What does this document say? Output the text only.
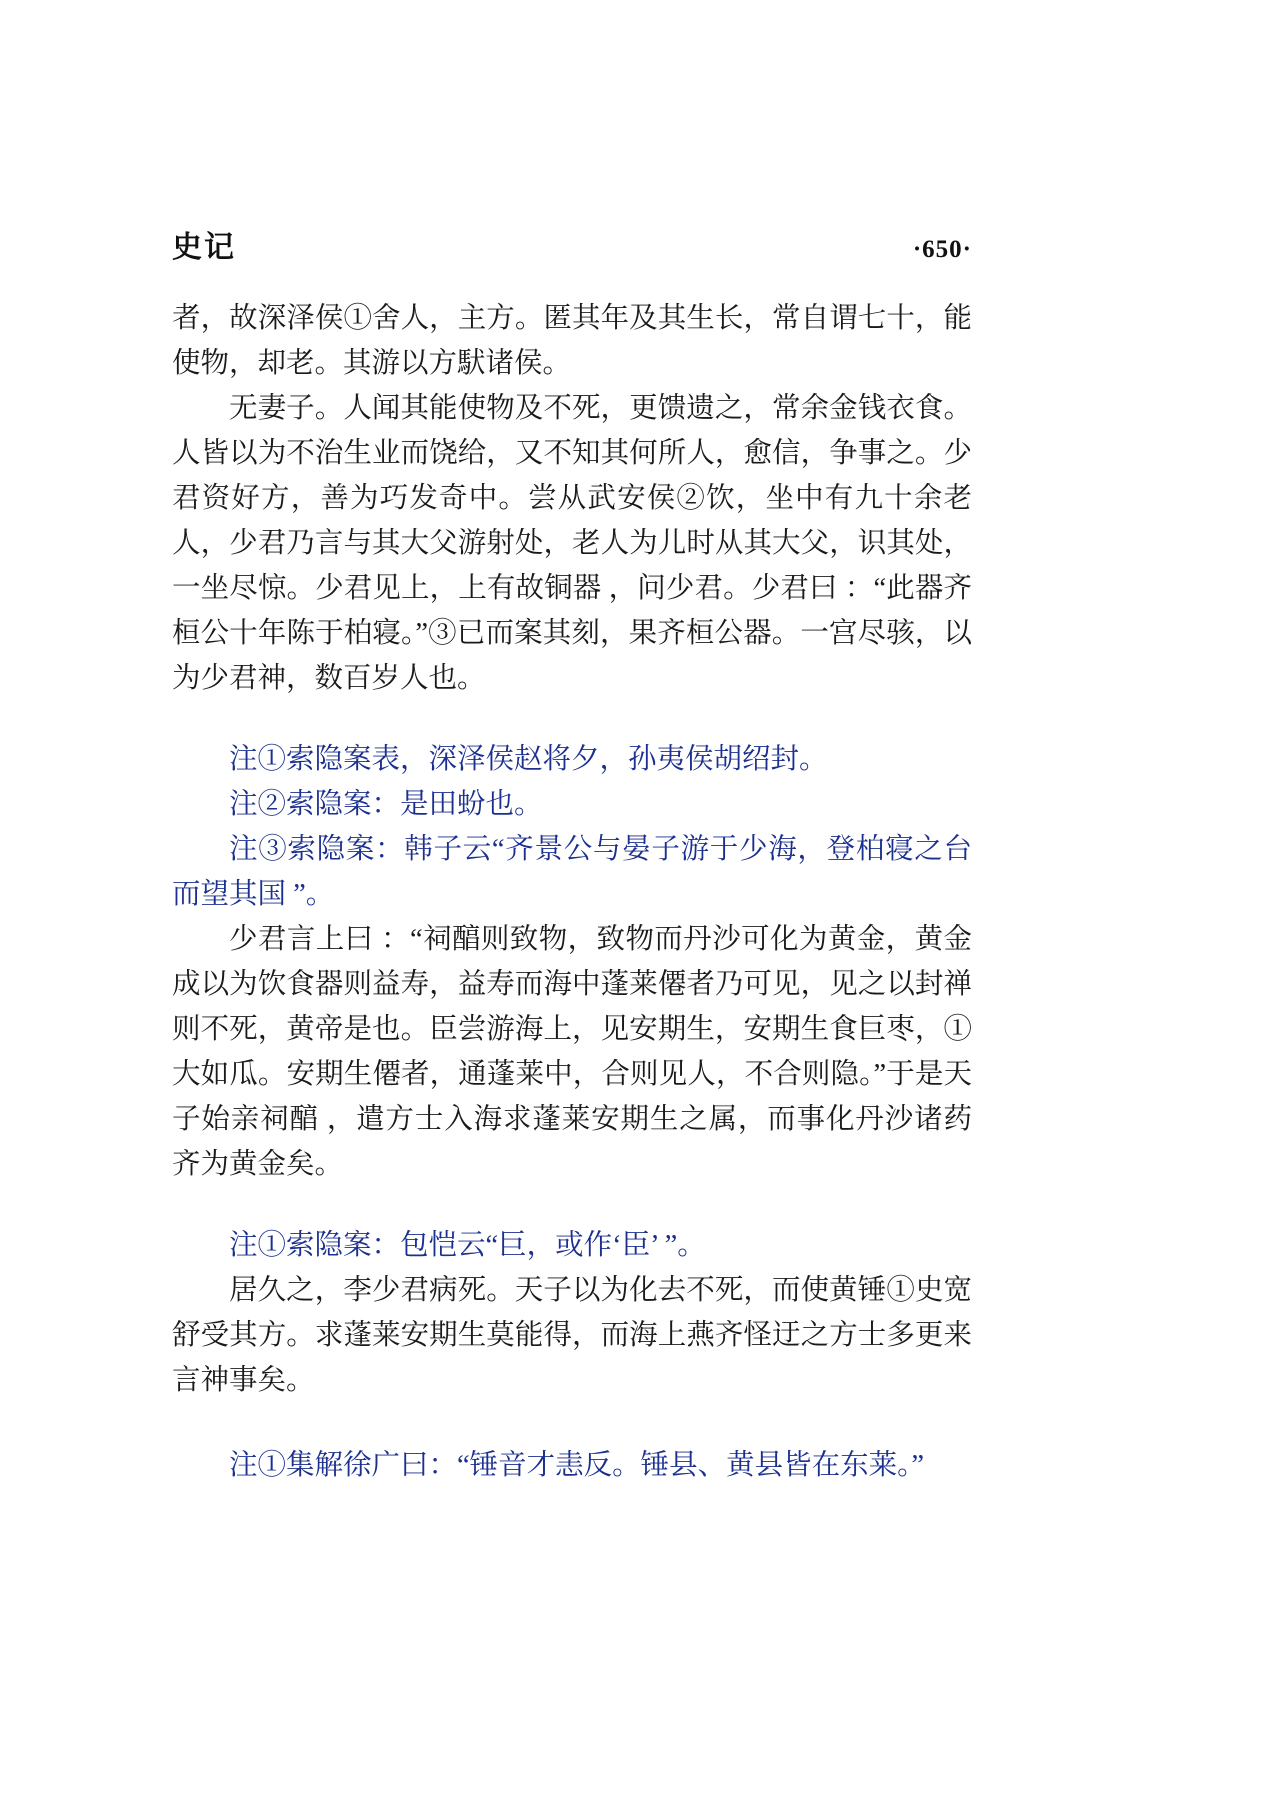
史记	·650·

者，故深泽侯①舍人，主方。匿其年及其生长，常自谓七十，能使物，却老。其游以方䭾诸侯。

无妻子。人闻其能使物及不死，更馈遗之，常余金钱衣食。人皆以为不治生业而饶给，又不知其何所人，愈信，争事之。少君资好方，善为巧发奇中。尝从武安侯②饮，坐中有九十余老人，少君乃言与其大父游射处，老人为儿时从其大父，识其处，一坐尽惊。少君见上，上有故铜器 ，问少君。少君曰 ：“此器齐桓公十年陈于柏寝。”③已而案其刻，果齐桓公器。一宫尽骇，以为少君神，数百岁人也。

注①索隐案表，深泽侯赵将夕，孙夷侯胡绍封。

注②索隐案：是田蚡也。

注③索隐案：韩子云“齐景公与晏子游于少海，登柏寝之台而望其国 ”。

少君言上曰 ：“祠醕则致物，致物而丹沙可化为黄金，黄金成以为饮食器则益寿，益寿而海中蓬莱僊者乃可见，见之以封禅则不死，黄帝是也。臣尝游海上，见安期生，安期生食巨枣，①大如瓜。安期生僊者，通蓬莱中，合则见人，不合则隐。”于是天子始亲祠醕 ，遣方士入海求蓬莱安期生之属，而事化丹沙诸药齐为黄金矣。

注①索隐案：包恺云“巨，或作‘臣’ ”。

居久之，李少君病死。天子以为化去不死，而使黄锤①史宽舒受其方。求蓬莱安期生莫能得，而海上燕齐怪迂之方士多更来言神事矣。

注①集解徐广曰：“锤音才恚反。锤县、黄县皆在东莱。”
